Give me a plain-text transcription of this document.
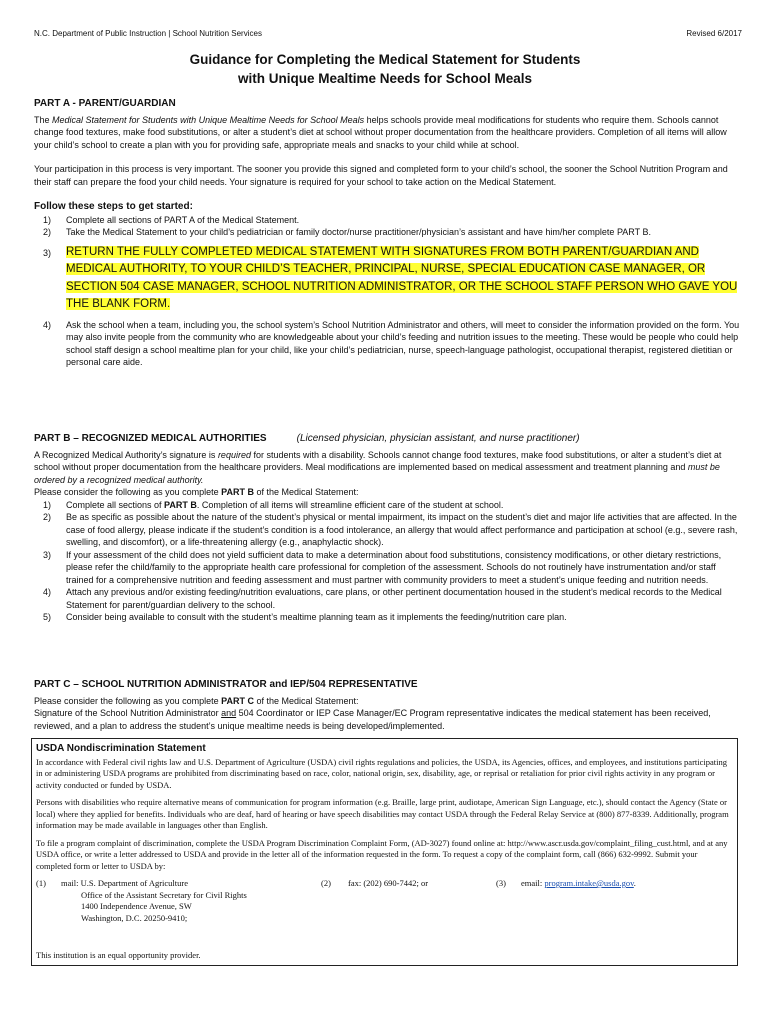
N.C. Department of Public Instruction | School Nutrition Services	Revised 6/2017
Guidance for Completing the Medical Statement for Students
with Unique Mealtime Needs for School Meals
PART A - PARENT/GUARDIAN

The Medical Statement for Students with Unique Mealtime Needs for School Meals helps schools provide meal modifications for students who require them. Schools cannot change food textures, make food substitutions, or alter a student’s diet at school without proper documentation from the healthcare providers. Completion of all items will allow your child’s school to create a plan with you for providing safe, appropriate meals and snacks to your child while at school.

Your participation in this process is very important. The sooner you provide this signed and completed form to your child’s school, the sooner the School Nutrition Program and their staff can prepare the food your child needs. Your signature is required for your school to take action on the Medical Statement.

Follow these steps to get started:
1) Complete all sections of PART A of the Medical Statement.
2) Take the Medical Statement to your child’s pediatrician or family doctor/nurse practitioner/physician’s assistant and have him/her complete PART B.
3) RETURN THE FULLY COMPLETED MEDICAL STATEMENT WITH SIGNATURES FROM BOTH PARENT/GUARDIAN AND MEDICAL AUTHORITY, TO YOUR CHILD’S TEACHER, PRINCIPAL, NURSE, SPECIAL EDUCATION CASE MANAGER, OR SECTION 504 CASE MANAGER, SCHOOL NUTRITION ADMINISTRATOR, OR THE SCHOOL STAFF PERSON WHO GAVE YOU THE BLANK FORM.
4) Ask the school when a team, including you, the school system’s School Nutrition Administrator and others, will meet to consider the information provided on the form. You may also invite people from the community who are knowledgeable about your child’s feeding and nutrition issues to the meeting. These would be people who could help school staff design a school mealtime plan for your child, like your child’s pediatrician, nurse, speech-language pathologist, occupational therapist, registered dietitian or personal care aide.
PART B – RECOGNIZED MEDICAL AUTHORITIES	(Licensed physician, physician assistant, and nurse practitioner)

A Recognized Medical Authority’s signature is required for students with a disability. Schools cannot change food textures, make food substitutions, or alter a student’s diet at school without proper documentation from the healthcare providers. Meal modifications are implemented based on medical assessment and treatment planning and must be ordered by a recognized medical authority.

Please consider the following as you complete PART B of the Medical Statement:

1) Complete all sections of PART B. Completion of all items will streamline efficient care of the student at school.
2) Be as specific as possible about the nature of the student’s physical or mental impairment, its impact on the student’s diet and major life activities that are affected. In the case of food allergy, please indicate if the student’s condition is a food intolerance, an allergy that would affect performance and participation at school (e.g., severe rash, swelling, and discomfort), or a life-threatening allergy (e.g., anaphylactic shock).
3) If your assessment of the child does not yield sufficient data to make a determination about food substitutions, consistency modifications, or other dietary restrictions, please refer the child/family to the appropriate health care professional for completion of the assessment. Schools do not routinely have instrumentation and/or staff trained for a comprehensive nutrition and feeding assessment and must partner with community providers to meet a student’s unique feeding and nutrition needs.
4) Attach any previous and/or existing feeding/nutrition evaluations, care plans, or other pertinent documentation housed in the student’s medical records to the Medical Statement for parent/guardian delivery to the school.
5) Consider being available to consult with the student’s mealtime planning team as it implements the feeding/nutrition care plan.
PART C – SCHOOL NUTRITION ADMINISTRATOR and IEP/504 REPRESENTATIVE

Please consider the following as you complete PART C of the Medical Statement:

Signature of the School Nutrition Administrator and 504 Coordinator or IEP Case Manager/EC Program representative indicates the medical statement has been received, reviewed, and a plan to address the student’s unique mealtime needs is being developed/implemented.

USDA Nondiscrimination Statement

In accordance with Federal civil rights law and U.S. Department of Agriculture (USDA) civil rights regulations and policies, the USDA, its Agencies, offices, and employees, and institutions participating in or administering USDA programs are prohibited from discriminating based on race, color, national origin, sex, disability, age, or reprisal or retaliation for prior civil rights activity in any program or activity conducted or funded by USDA.

Persons with disabilities who require alternative means of communication for program information (e.g. Braille, large print, audiotape, American Sign Language, etc.), should contact the Agency (State or local) where they applied for benefits. Individuals who are deaf, hard of hearing or have speech disabilities may contact USDA through the Federal Relay Service at (800) 877-8339. Additionally, program information may be made available in languages other than English.

To file a program complaint of discrimination, complete the USDA Program Discrimination Complaint Form, (AD-3027) found online at: http://www.ascr.usda.gov/complaint_filing_cust.html, and at any USDA office, or write a letter addressed to USDA and provide in the letter all of the information requested in the form. To request a copy of the complaint form, call (866) 632-9992. Submit your completed form or letter to USDA by:

(1) mail: U.S. Department of Agriculture
Office of the Assistant Secretary for Civil Rights
1400 Independence Avenue, SW
Washington, D.C. 20250-9410;
(2) fax: (202) 690-7442; or	(3) email: program.intake@usda.gov.
This institution is an equal opportunity provider.
